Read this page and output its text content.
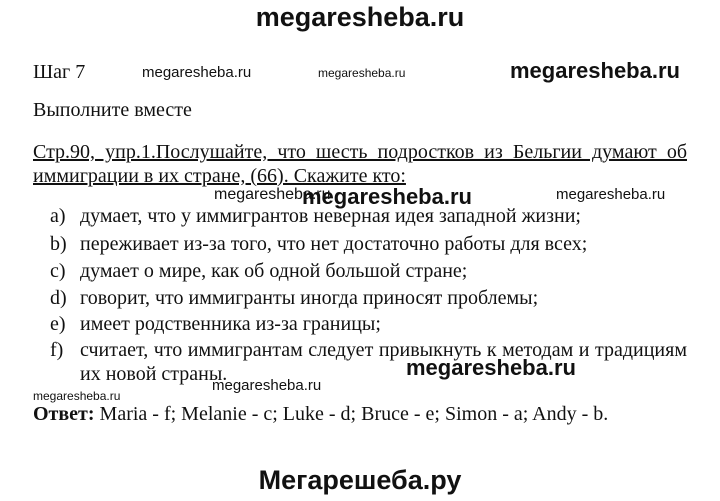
megaresheba.ru
Шаг 7	megaresheba.ru	megaresheba.ru	megaresheba.ru
Выполните вместе
Стр.90, упр.1.Послушайте, что шесть подростков из Бельгии думают об
иммиграции в их стране, (66). Скажите кто:
megaresheba.ru
megaresheba.ru	megaresheba.ru
a) думает, что у иммигрантов неверная идея западной жизни;
b) переживает из-за того, что нет достаточно работы для всех;
c) думает о мире, как об одной большой стране;
d) говорит, что иммигранты иногда приносят проблемы;
e) имеет родственника из-за границы;
f) считает, что иммигрантам следует привыкнуть к методам и традициям
их новой страны.
megaresheba.ru
megaresheba.ru
megaresheba.ru
Ответ: Maria - f; Melanie - c; Luke - d; Bruce - e; Simon - a; Andy - b.
Мегарешеба.ру
